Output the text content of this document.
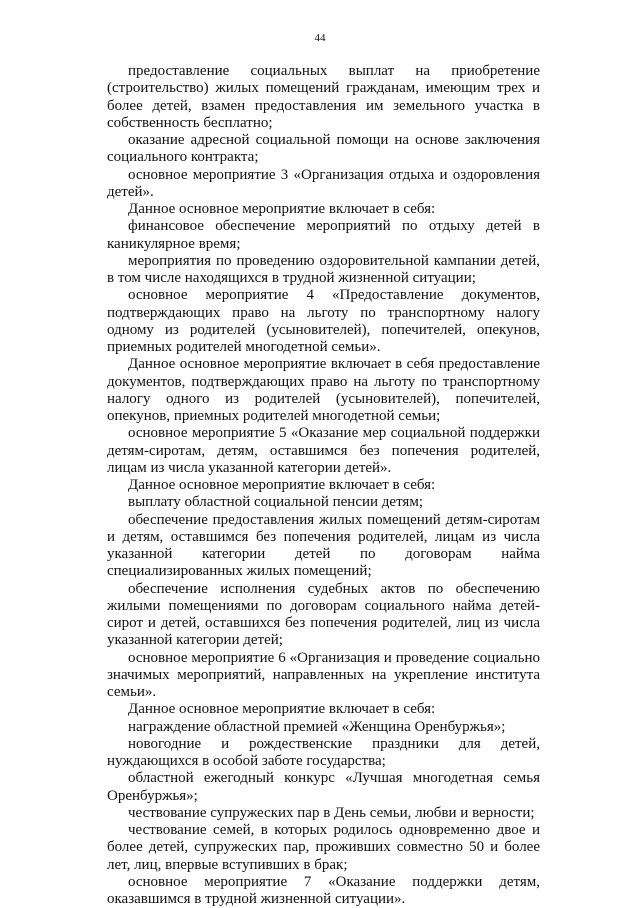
44

предоставление социальных выплат на приобретение (строительство) жилых помещений гражданам, имеющим трех и более детей, взамен предоставления им земельного участка в собственность бесплатно;

оказание адресной социальной помощи на основе заключения социального контракта;

основное мероприятие 3 «Организация отдыха и оздоровления детей».

Данное основное мероприятие включает в себя:

финансовое обеспечение мероприятий по отдыху детей в каникулярное время;

мероприятия по проведению оздоровительной кампании детей, в том числе находящихся в трудной жизненной ситуации;

основное мероприятие 4 «Предоставление документов, подтверждающих право на льготу по транспортному налогу одному из родителей (усыновителей), попечителей, опекунов, приемных родителей многодетной семьи».

Данное основное мероприятие включает в себя предоставление документов, подтверждающих право на льготу по транспортному налогу одного из родителей (усыновителей), попечителей, опекунов, приемных родителей многодетной семьи;

основное мероприятие 5 «Оказание мер социальной поддержки детям-сиротам, детям, оставшимся без попечения родителей, лицам из числа указанной категории детей».

Данное основное мероприятие включает в себя:

выплату областной социальной пенсии детям;

обеспечение предоставления жилых помещений детям-сиротам и детям, оставшимся без попечения родителей, лицам из числа указанной категории детей по договорам найма специализированных жилых помещений;

обеспечение исполнения судебных актов по обеспечению жилыми помещениями по договорам социального найма детей-сирот и детей, оставшихся без попечения родителей, лиц из числа указанной категории детей;

основное мероприятие 6 «Организация и проведение социально значимых мероприятий, направленных на укрепление института семьи».

Данное основное мероприятие включает в себя:

награждение областной премией «Женщина Оренбуржья»;

новогодние и рождественские праздники для детей, нуждающихся в особой заботе государства;

областной ежегодный конкурс «Лучшая многодетная семья Оренбуржья»;

чествование супружеских пар в День семьи, любви и верности;

чествование семей, в которых родилось одновременно двое и более детей, супружеских пар, проживших совместно 50 и более лет, лиц, впервые вступивших в брак;

основное мероприятие 7 «Оказание поддержки детям, оказавшимся в трудной жизненной ситуации».
